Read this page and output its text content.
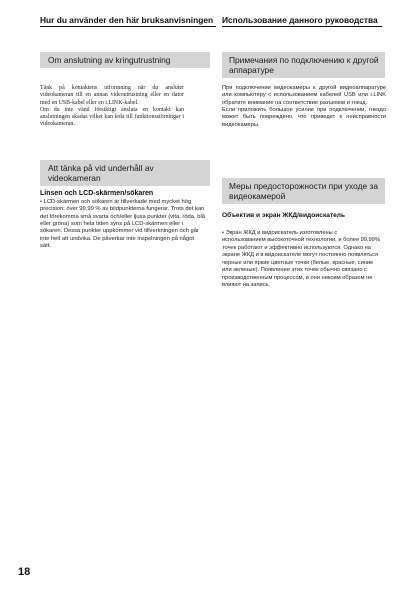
Hur du använder den här bruksanvisningen
Om anslutning av kringutrustning
Tänk på kontaktens utformning när du ansluter videokameran till en annan videoutrustning eller en dator med en USB-kabel eller en i.LINK-kabel.
Om du inte vänd försiktigt ansluta en kontakt kan anslutningen skadas vilket kan leda till funktionsstörningar i videokameran.
Att tänka på vid underhåll av videokameran
Linsen och LCD-skärmen/sökaren
• LCD-skärmen och sökaren är tillverkade med mycket hög precision; över 99,99 % av bildpunkterna fungerar. Trots det kan det förekomma små svarta och/eller ljusa punkter (vita, röda, blå eller gröna) som hela tiden syns på LCD-skärmen eller i sökaren. Dessa punkter uppkommer vid tillverkningen och går inte helt att undvika. De påverkar inte inspelningen på något sätt.
Использование данного руководства
Примечания по подключению к другой аппаратуре
При подключении видеокамеры к другой видеоаппаратуре или компьютеру с использованием кабелей USB или i.LINK обратите внимание на соответствие разъемов и гнезд.
Если приложить большое усилие при подключении, гнездо может быть повреждено, что приведет к неисправности видеокамеры.
Меры предосторожности при уходе за видеокамерой
Объектив и экран ЖКД/видоискатель
• Экран ЖКД и видоискатель изготовлены с использованием высокоточной технологии, и более 99,99% точек работают и эффективно используются. Однако на экране ЖКД и в видоискателе могут постоянно появляться черные или яркие цветные точки (белые, красные, синие или зеленые). Появление этих точек обычно связано с производственным процессом, и они никоим образом не влияют на запись.
18
